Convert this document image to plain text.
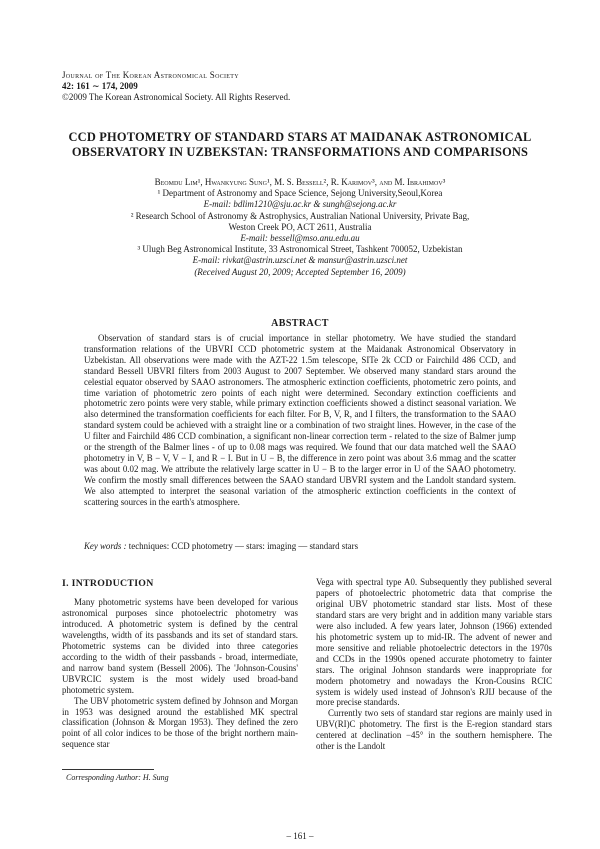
Journal of The Korean Astronomical Society
42: 161 ∼ 174, 2009
©2009 The Korean Astronomical Society. All Rights Reserved.
CCD PHOTOMETRY OF STANDARD STARS AT MAIDANAK ASTRONOMICAL OBSERVATORY IN UZBEKSTAN: TRANSFORMATIONS AND COMPARISONS
Beomdu Lim¹, Hwankyung Sung¹, M. S. Bessell², R. Karimov³, and M. Ibrahimov³
¹ Department of Astronomy and Space Science, Sejong University,Seoul,Korea
E-mail: bdlim1210@sju.ac.kr & sungh@sejong.ac.kr
² Research School of Astronomy & Astrophysics, Australian National University, Private Bag,
Weston Creek PO, ACT 2611, Australia
E-mail: bessell@mso.anu.edu.au
³ Ulugh Beg Astronomical Institute, 33 Astronomical Street, Tashkent 700052, Uzbekistan
E-mail: rivkat@astrin.uzsci.net & mansur@astrin.uzsci.net
(Received August 20, 2009; Accepted September 16, 2009)
ABSTRACT

Observation of standard stars is of crucial importance in stellar photometry. We have studied the standard transformation relations of the UBVRI CCD photometric system at the Maidanak Astronomical Observatory in Uzbekistan. All observations were made with the AZT-22 1.5m telescope, SITe 2k CCD or Fairchild 486 CCD, and standard Bessell UBVRI filters from 2003 August to 2007 September. We observed many standard stars around the celestial equator observed by SAAO astronomers. The atmospheric extinction coefficients, photometric zero points, and time variation of photometric zero points of each night were determined. Secondary extinction coefficients and photometric zero points were very stable, while primary extinction coefficients showed a distinct seasonal variation. We also determined the transformation coefficients for each filter. For B, V, R, and I filters, the transformation to the SAAO standard system could be achieved with a straight line or a combination of two straight lines. However, in the case of the U filter and Fairchild 486 CCD combination, a significant non-linear correction term - related to the size of Balmer jump or the strength of the Balmer lines - of up to 0.08 mags was required. We found that our data matched well the SAAO photometry in V, B − V, V − I, and R − I. But in U − B, the difference in zero point was about 3.6 mmag and the scatter was about 0.02 mag. We attribute the relatively large scatter in U − B to the larger error in U of the SAAO photometry. We confirm the mostly small differences between the SAAO standard UBVRI system and the Landolt standard system. We also attempted to interpret the seasonal variation of the atmospheric extinction coefficients in the context of scattering sources in the earth's atmosphere.

Key words : techniques: CCD photometry — stars: imaging — standard stars
I. INTRODUCTION

Many photometric systems have been developed for various astronomical purposes since photoelectric photometry was introduced. A photometric system is defined by the central wavelengths, width of its passbands and its set of standard stars. Photometric systems can be divided into three categories according to the width of their passbands - broad, intermediate, and narrow band system (Bessell 2006). The 'Johnson-Cousins' UBVRCIC system is the most widely used broad-band photometric system.

The UBV photometric system defined by Johnson and Morgan in 1953 was designed around the established MK spectral classification (Johnson & Morgan 1953). They defined the zero point of all color indices to be those of the bright northern main-sequence star

Vega with spectral type A0. Subsequently they published several papers of photoelectric photometric data that comprise the original UBV photometric standard star lists. Most of these standard stars are very bright and in addition many variable stars were also included. A few years later, Johnson (1966) extended his photometric system up to mid-IR. The advent of newer and more sensitive and reliable photoelectric detectors in the 1970s and CCDs in the 1990s opened accurate photometry to fainter stars. The original Johnson standards were inappropriate for modern photometry and nowadays the Kron-Cousins RCIC system is widely used instead of Johnson's RJIJ because of the more precise standards.

Currently two sets of standard star regions are mainly used in UBV(RI)C photometry. The first is the E-region standard stars centered at declination −45° in the southern hemisphere. The other is the Landolt

Corresponding Author: H. Sung
– 161 –
